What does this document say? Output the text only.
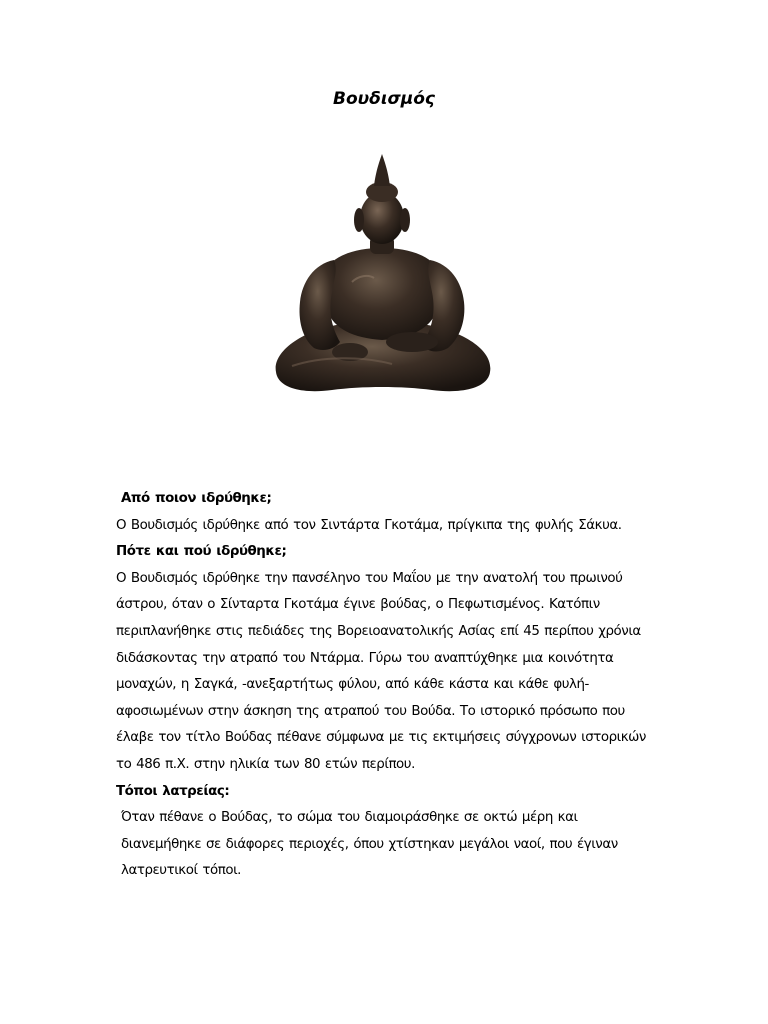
Βουδισμός

Από ποιον ιδρύθηκε;

Ο Βουδισμός ιδρύθηκε από τον Σιντάρτα Γκοτάμα, πρίγκιπα της φυλής Σάκυα.

Πότε και πού ιδρύθηκε;

Ο Βουδισμός ιδρύθηκε την πανσέληνο του Μαΐου με την ανατολή του πρωινού άστρου, όταν ο Σίνταρτα Γκοτάμα έγινε βούδας, ο Πεφωτισμένος. Κατόπιν περιπλανήθηκε στις πεδιάδες της Βορειοανατολικής Ασίας επί 45 περίπου χρόνια διδάσκοντας την ατραπό του Ντάρμα. Γύρω του αναπτύχθηκε μια κοινότητα μοναχών, η Σαγκά, -ανεξαρτήτως φύλου, από κάθε κάστα και κάθε φυλή-αφοσιωμένων στην άσκηση της ατραπού του Βούδα. Το ιστορικό πρόσωπο που έλαβε τον τίτλο Βούδας πέθανε σύμφωνα με τις εκτιμήσεις σύγχρονων ιστορικών το 486 π.Χ. στην ηλικία των 80 ετών περίπου.

Τόποι λατρείας:

Όταν πέθανε ο Βούδας, το σώμα του διαμοιράσθηκε σε οκτώ μέρη και διανεμήθηκε σε διάφορες περιοχές, όπου χτίστηκαν μεγάλοι ναοί, που έγιναν λατρευτικοί τόποι.
